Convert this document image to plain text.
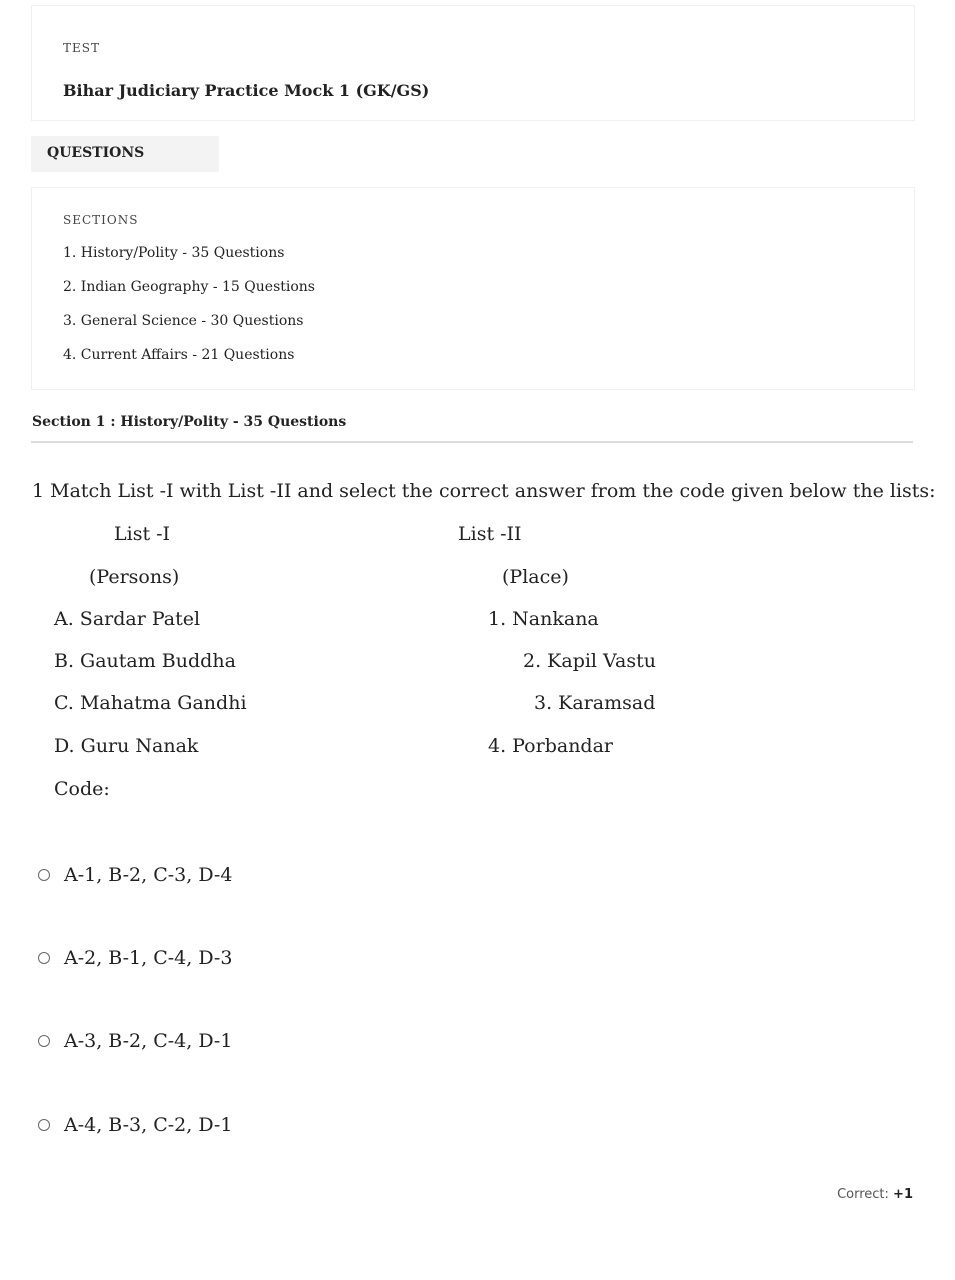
TEST
Bihar Judiciary Practice Mock 1 (GK/GS)
QUESTIONS
SECTIONS
1. History/Polity - 35 Questions
2. Indian Geography - 15 Questions
3. General Science - 30 Questions
4. Current Affairs - 21 Questions
Section 1 : History/Polity - 35 Questions
1 Match List -I with List -II and select the correct answer from the code given below the lists:
List -I	List -II
(Persons)	(Place)
A. Sardar Patel	1. Nankana
B. Gautam Buddha	2. Kapil Vastu
C. Mahatma Gandhi	3. Karamsad
D. Guru Nanak	4. Porbandar
Code:
A-1, B-2, C-3, D-4
A-2, B-1, C-4, D-3
A-3, B-2, C-4, D-1
A-4, B-3, C-2, D-1
Correct: +1
